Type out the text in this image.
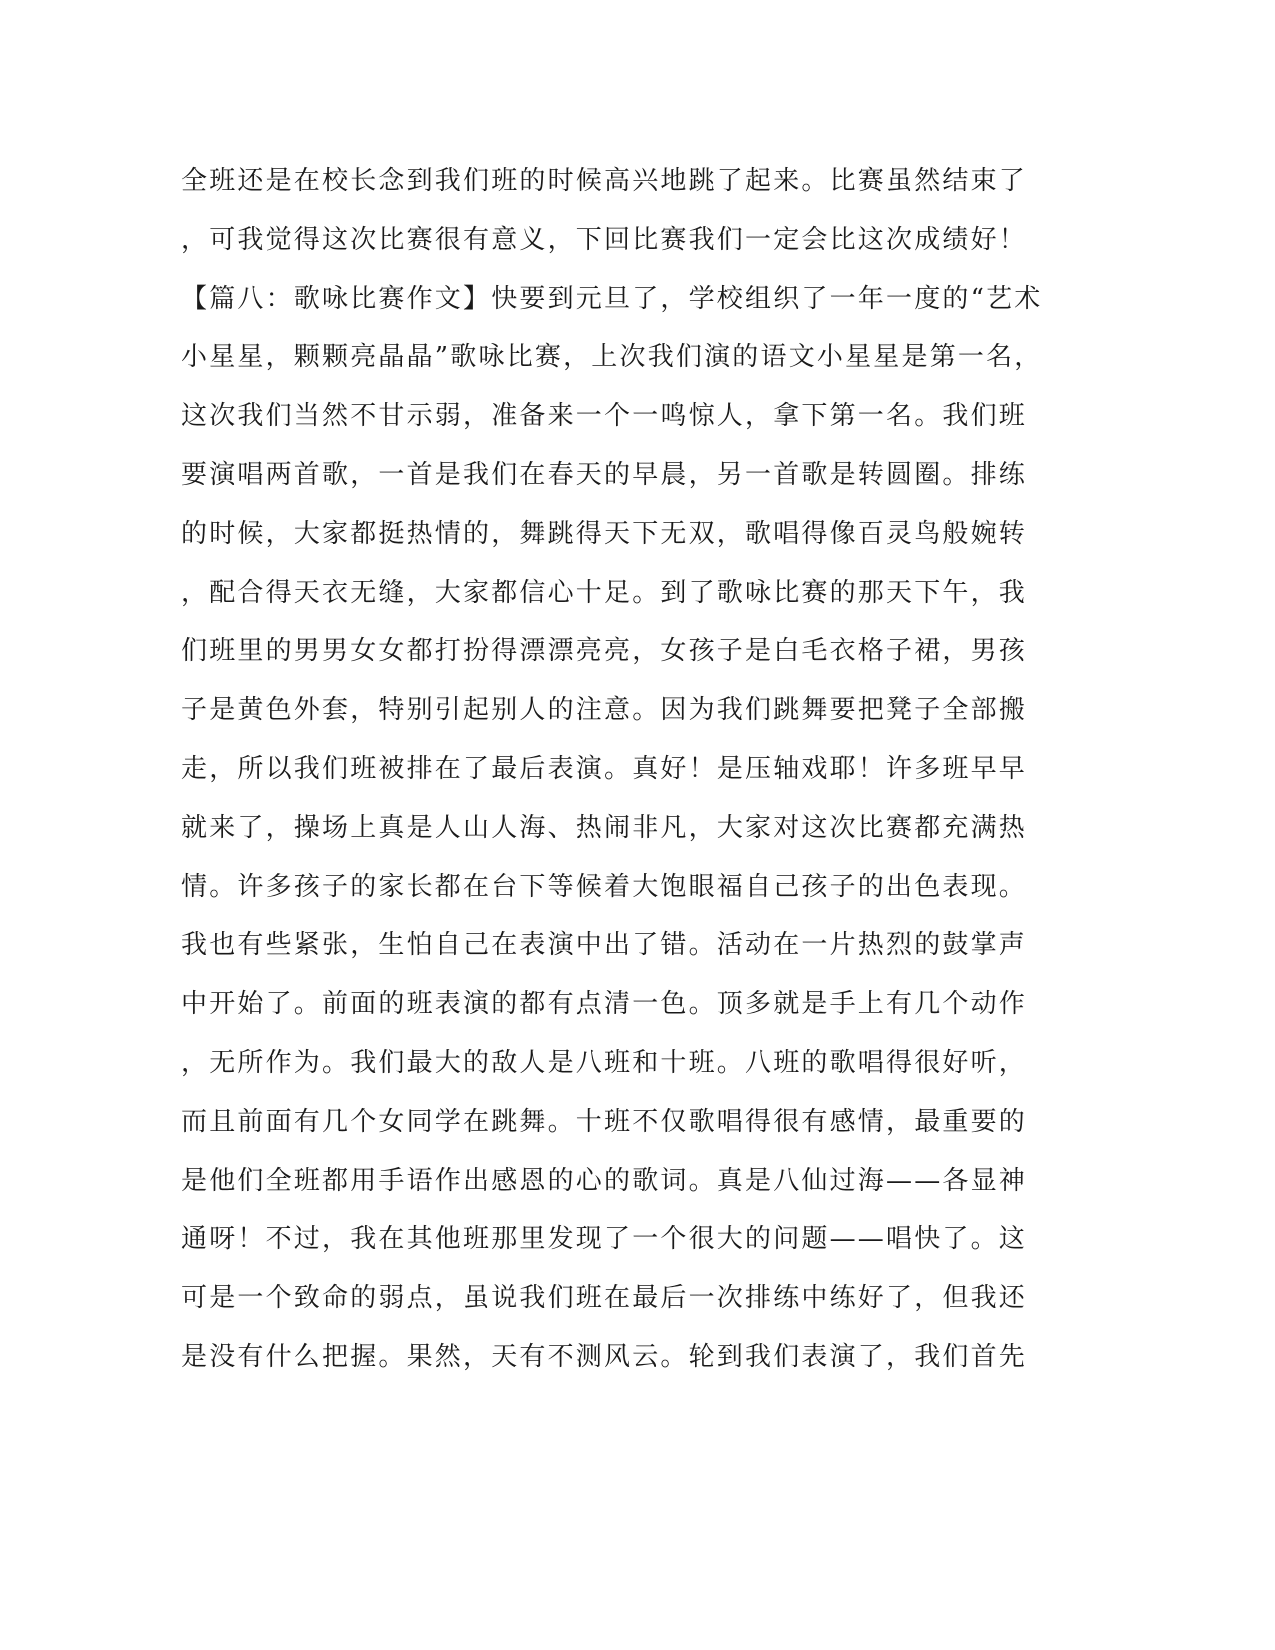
全班还是在校长念到我们班的时候高兴地跳了起来。比赛虽然结束了
，可我觉得这次比赛很有意义，下回比赛我们一定会比这次成绩好！
【篇八：歌咏比赛作文】快要到元旦了，学校组织了一年一度的“艺术
小星星，颗颗亮晶晶”歌咏比赛，上次我们演的语文小星星是第一名，
这次我们当然不甘示弱，准备来一个一鸣惊人，拿下第一名。我们班
要演唱两首歌，一首是我们在春天的早晨，另一首歌是转圆圈。排练
的时候，大家都挺热情的，舞跳得天下无双，歌唱得像百灵鸟般婉转
，配合得天衣无缝，大家都信心十足。到了歌咏比赛的那天下午，我
们班里的男男女女都打扮得漂漂亮亮，女孩子是白毛衣格子裙，男孩
子是黄色外套，特别引起别人的注意。因为我们跳舞要把凳子全部搬
走，所以我们班被排在了最后表演。真好！是压轴戏耶！许多班早早
就来了，操场上真是人山人海、热闹非凡，大家对这次比赛都充满热
情。许多孩子的家长都在台下等候着大饱眼福自己孩子的出色表现。
我也有些紧张，生怕自己在表演中出了错。活动在一片热烈的鼓掌声
中开始了。前面的班表演的都有点清一色。顶多就是手上有几个动作
，无所作为。我们最大的敌人是八班和十班。八班的歌唱得很好听，
而且前面有几个女同学在跳舞。十班不仅歌唱得很有感情，最重要的
是他们全班都用手语作出感恩的心的歌词。真是八仙过海——各显神
通呀！不过，我在其他班那里发现了一个很大的问题——唱快了。这
可是一个致命的弱点，虽说我们班在最后一次排练中练好了，但我还
是没有什么把握。果然，天有不测风云。轮到我们表演了，我们首先
